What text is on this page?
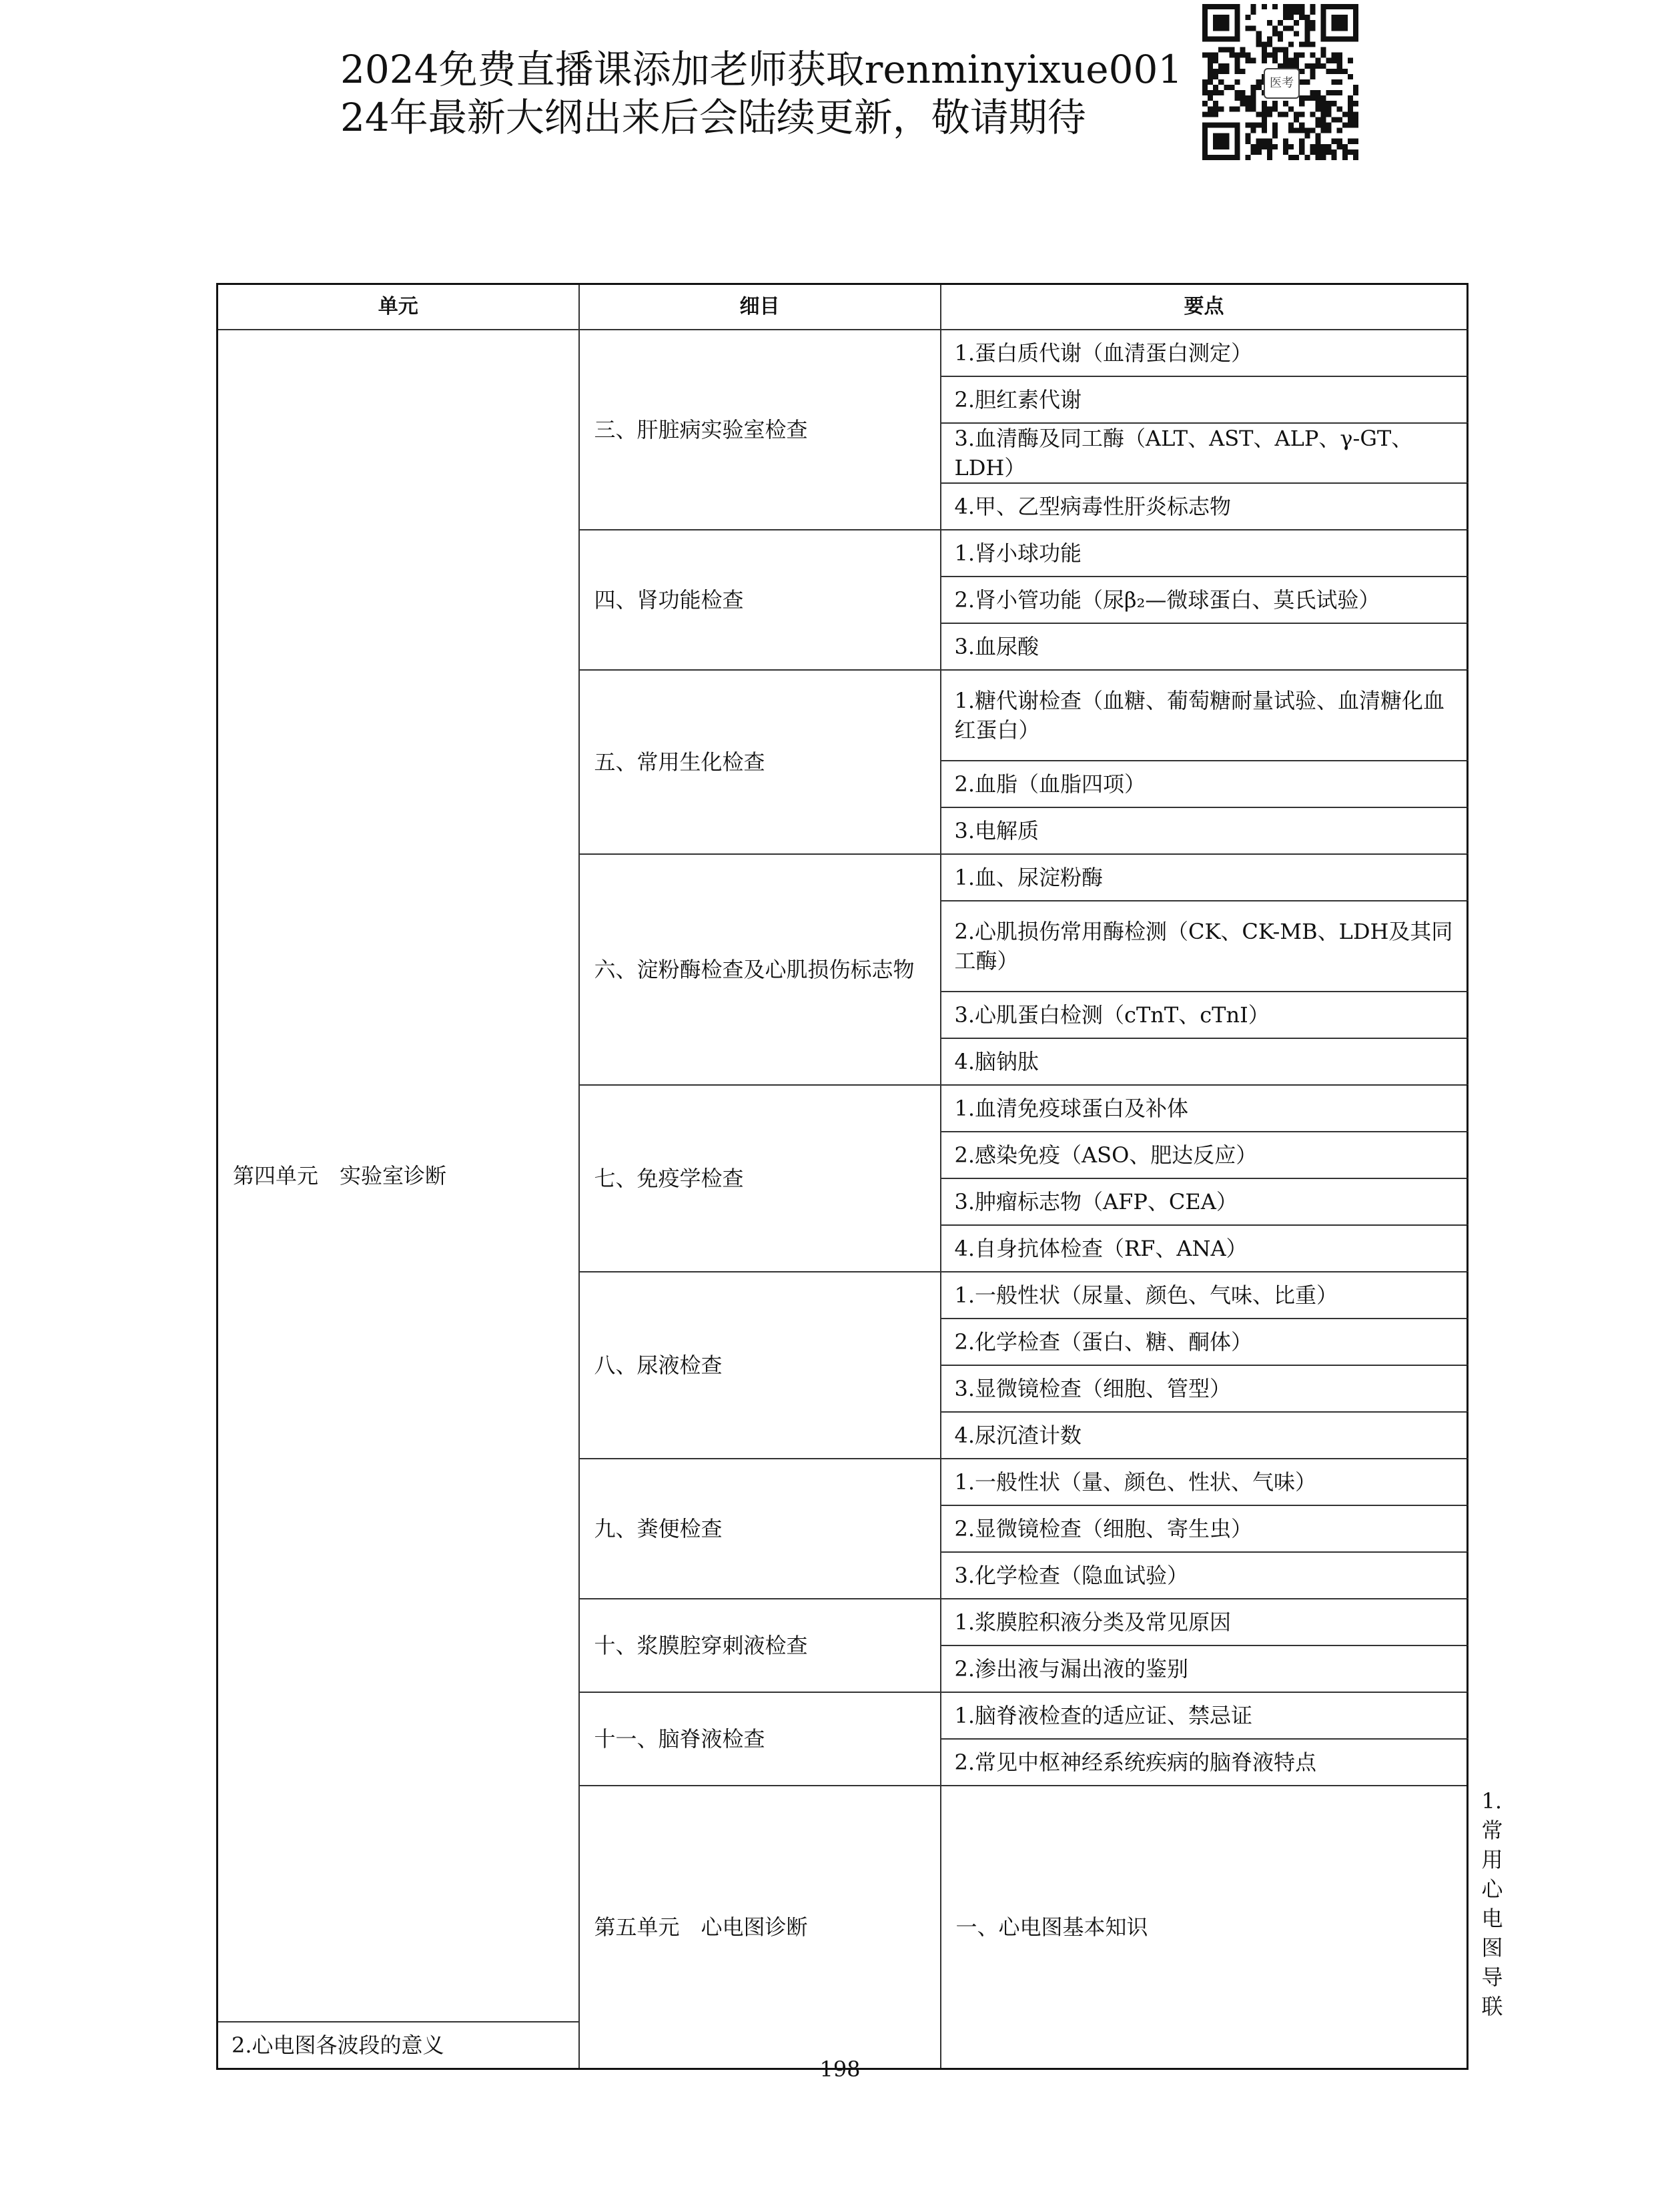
2024免费直播课添加老师获取renminyixue001
24年最新大纲出来后会陆续更新，敬请期待
医考
单元	细目	要点	
第四单元　实验室诊断	三、肝脏病实验室检查	1.蛋白质代谢（血清蛋白测定）	
		2.胆红素代谢	
		3.血清酶及同工酶（ALT、AST、ALP、γ-GT、LDH）	
		4.甲、乙型病毒性肝炎标志物	
	四、肾功能检查	1.肾小球功能	
		2.肾小管功能（尿β₂—微球蛋白、莫氏试验）	
		3.血尿酸	
	五、常用生化检查	1.糖代谢检查（血糖、葡萄糖耐量试验、血清糖化血红蛋白）	
		2.血脂（血脂四项）	
		3.电解质	
	六、淀粉酶检查及心肌损伤标志物	1.血、尿淀粉酶	
		2.心肌损伤常用酶检测（CK、CK-MB、LDH及其同工酶）	
		3.心肌蛋白检测（cTnT、cTnI）	
		4.脑钠肽	
	七、免疫学检查	1.血清免疫球蛋白及补体	
		2.感染免疫（ASO、肥达反应）	
		3.肿瘤标志物（AFP、CEA）	
		4.自身抗体检查（RF、ANA）	
	八、尿液检查	1.一般性状（尿量、颜色、气味、比重）	
		2.化学检查（蛋白、糖、酮体）	
		3.显微镜检查（细胞、管型）	
		4.尿沉渣计数	
	九、粪便检查	1.一般性状（量、颜色、性状、气味）	
		2.显微镜检查（细胞、寄生虫）	
		3.化学检查（隐血试验）	
	十、浆膜腔穿刺液检查	1.浆膜腔积液分类及常见原因	
		2.渗出液与漏出液的鉴别	
	十一、脑脊液检查	1.脑脊液检查的适应证、禁忌证	
		2.常见中枢神经系统疾病的脑脊液特点	
	第五单元　心电图诊断	一、心电图基本知识	1.常用心电图导联
2.心电图各波段的意义			
198
